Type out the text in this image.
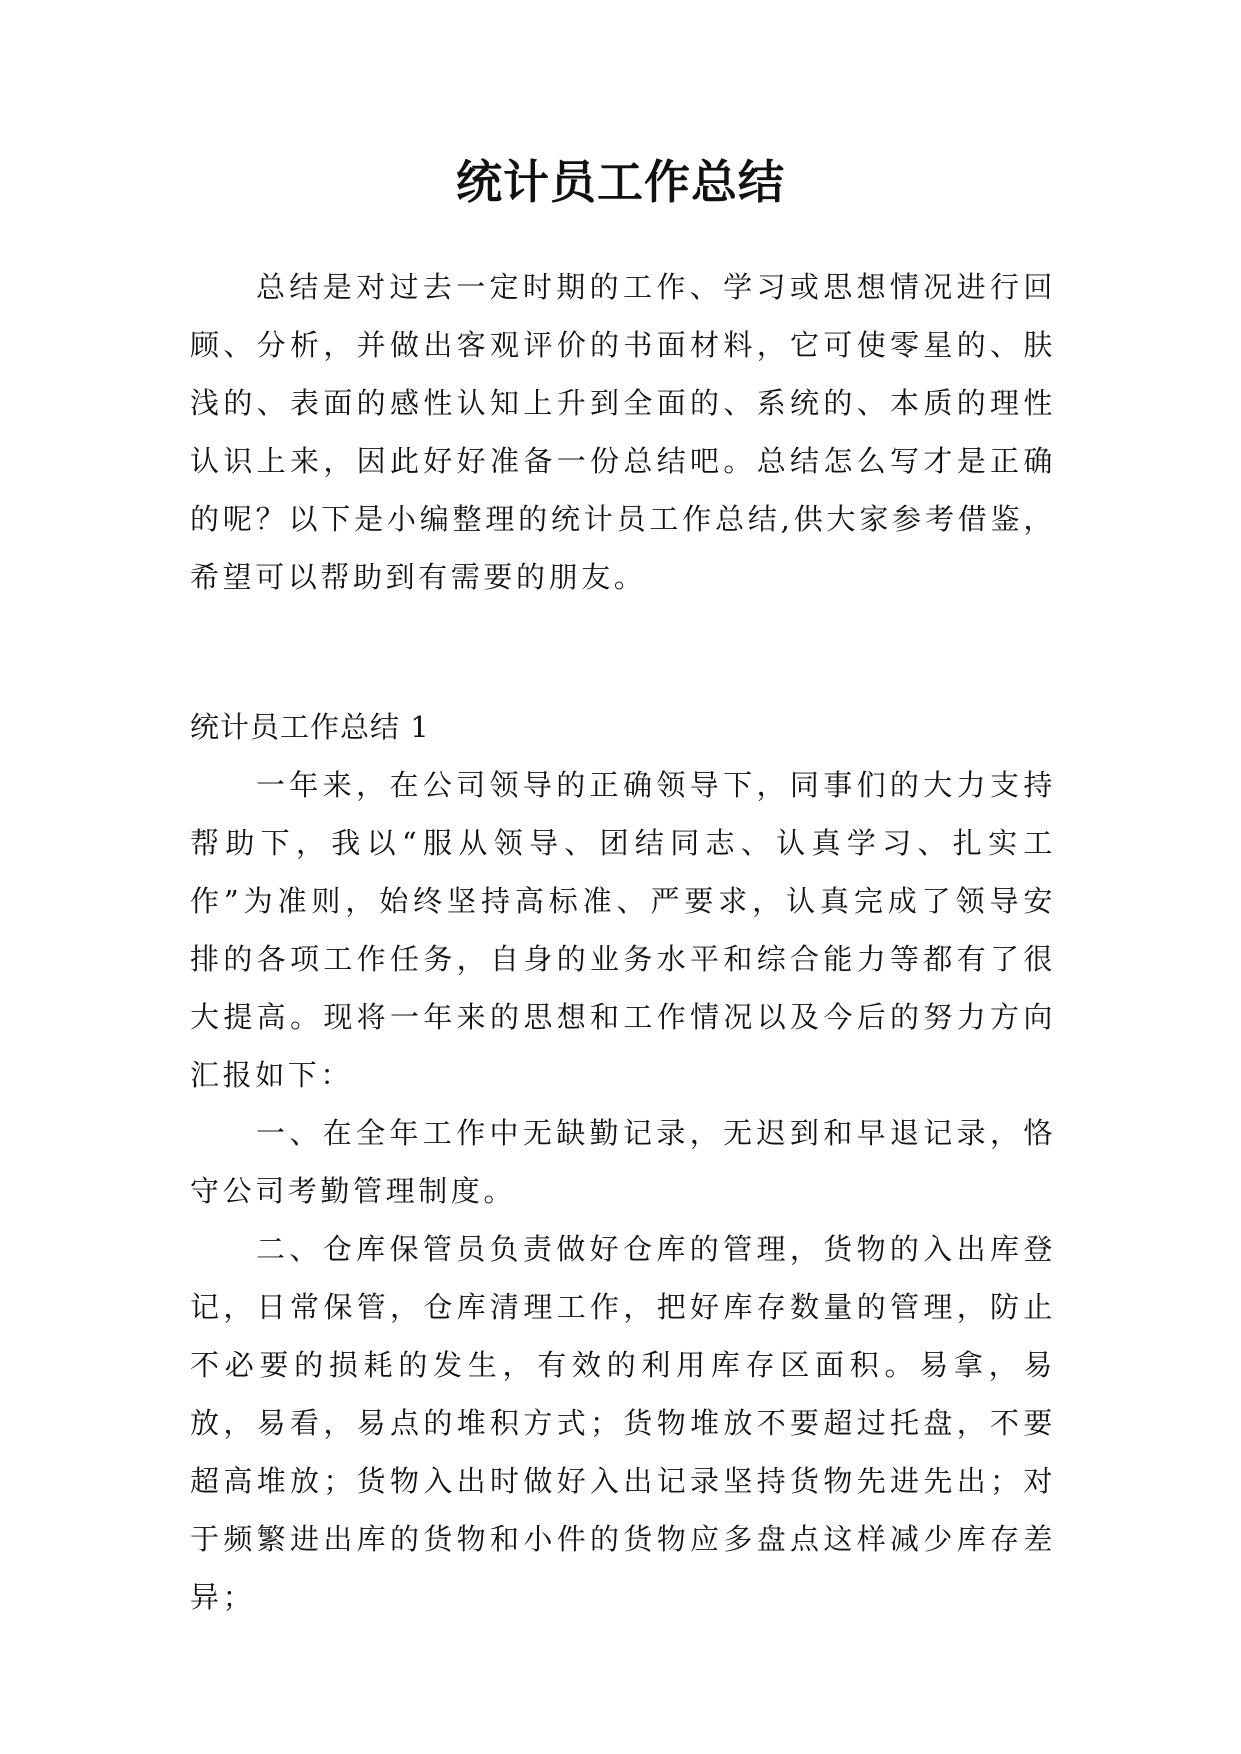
统计员工作总结

总结是对过去一定时期的工作、学习或思想情况进行回顾、分析，并做出客观评价的书面材料，它可使零星的、肤浅的、表面的感性认知上升到全面的、系统的、本质的理性认识上来，因此好好准备一份总结吧。总结怎么写才是正确的呢？以下是小编整理的统计员工作总结,供大家参考借鉴，希望可以帮助到有需要的朋友。

统计员工作总结 1

一年来，在公司领导的正确领导下，同事们的大力支持帮助下，我以“服从领导、团结同志、认真学习、扎实工作”为准则，始终坚持高标准、严要求，认真完成了领导安排的各项工作任务，自身的业务水平和综合能力等都有了很大提高。现将一年来的思想和工作情况以及今后的努力方向汇报如下：

一、在全年工作中无缺勤记录，无迟到和早退记录，恪守公司考勤管理制度。

二、仓库保管员负责做好仓库的管理，货物的入出库登记，日常保管，仓库清理工作，把好库存数量的管理，防止不必要的损耗的发生，有效的利用库存区面积。易拿，易放，易看，易点的堆积方式；货物堆放不要超过托盘，不要超高堆放；货物入出时做好入出记录坚持货物先进先出；对于频繁进出库的货物和小件的货物应多盘点这样减少库存差异；
